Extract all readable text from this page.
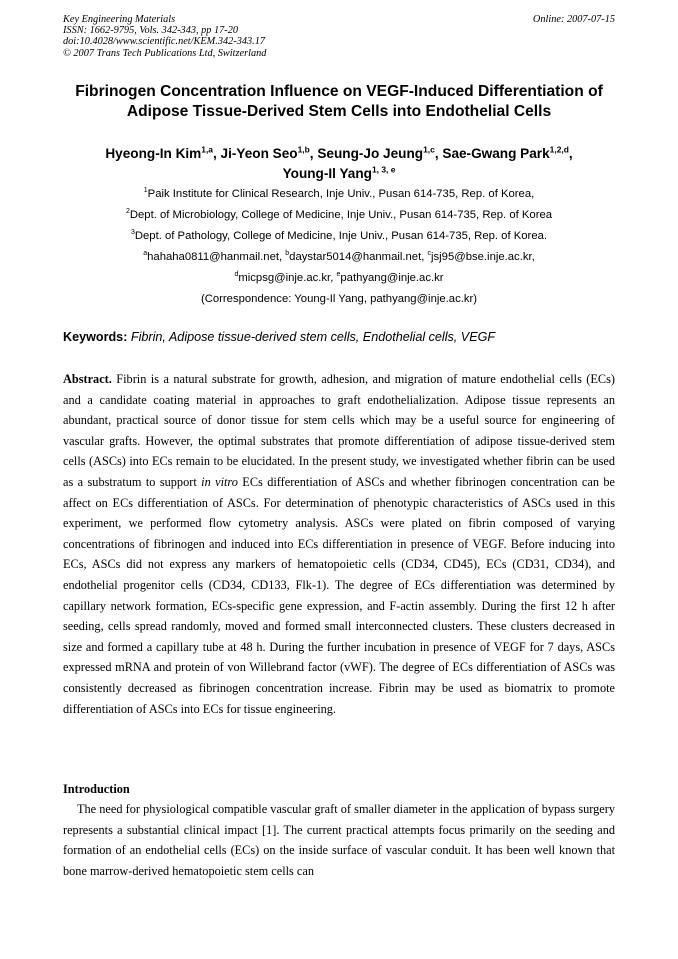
Key Engineering Materials
ISSN: 1662-9795, Vols. 342-343, pp 17-20
doi:10.4028/www.scientific.net/KEM.342-343.17
© 2007 Trans Tech Publications Ltd, Switzerland
Online: 2007-07-15
Fibrinogen Concentration Influence on VEGF-Induced Differentiation of
Adipose Tissue-Derived Stem Cells into Endothelial Cells
Hyeong-In Kim$^{1,a}$, Ji-Yeon Seo$^{1,b}$, Seung-Jo Jeung$^{1,c}$, Sae-Gwang Park$^{1,2,d}$,
Young-Il Yang$^{1, 3, e}$
$^1$Paik Institute for Clinical Research, Inje Univ., Pusan 614-735, Rep. of Korea,
$^2$Dept. of Microbiology, College of Medicine, Inje Univ., Pusan 614-735, Rep. of Korea
$^3$Dept. of Pathology, College of Medicine, Inje Univ., Pusan 614-735, Rep. of Korea.
$^a$hahaha0811@hanmail.net, $^b$daystar5014@hanmail.net, $^c$jsj95@bse.inje.ac.kr,
$^d$micpsg@inje.ac.kr, $^e$pathyang@inje.ac.kr
(Correspondence: Young-Il Yang, pathyang@inje.ac.kr)
Keywords: Fibrin, Adipose tissue-derived stem cells, Endothelial cells, VEGF
Abstract. Fibrin is a natural substrate for growth, adhesion, and migration of mature endothelial cells (ECs) and a candidate coating material in approaches to graft endothelialization. Adipose tissue represents an abundant, practical source of donor tissue for stem cells which may be a useful source for engineering of vascular grafts. However, the optimal substrates that promote differentiation of adipose tissue-derived stem cells (ASCs) into ECs remain to be elucidated. In the present study, we investigated whether fibrin can be used as a substratum to support in vitro ECs differentiation of ASCs and whether fibrinogen concentration can be affect on ECs differentiation of ASCs. For determination of phenotypic characteristics of ASCs used in this experiment, we performed flow cytometry analysis. ASCs were plated on fibrin composed of varying concentrations of fibrinogen and induced into ECs differentiation in presence of VEGF. Before inducing into ECs, ASCs did not express any markers of hematopoietic cells (CD34, CD45), ECs (CD31, CD34), and endothelial progenitor cells (CD34, CD133, Flk-1). The degree of ECs differentiation was determined by capillary network formation, ECs-specific gene expression, and F-actin assembly. During the first 12 h after seeding, cells spread randomly, moved and formed small interconnected clusters. These clusters decreased in size and formed a capillary tube at 48 h. During the further incubation in presence of VEGF for 7 days, ASCs expressed mRNA and protein of von Willebrand factor (vWF). The degree of ECs differentiation of ASCs was consistently decreased as fibrinogen concentration increase. Fibrin may be used as biomatrix to promote differentiation of ASCs into ECs for tissue engineering.
Introduction
The need for physiological compatible vascular graft of smaller diameter in the application of bypass surgery represents a substantial clinical impact [1]. The current practical attempts focus primarily on the seeding and formation of an endothelial cells (ECs) on the inside surface of vascular conduit. It has been well known that bone marrow-derived hematopoietic stem cells can
